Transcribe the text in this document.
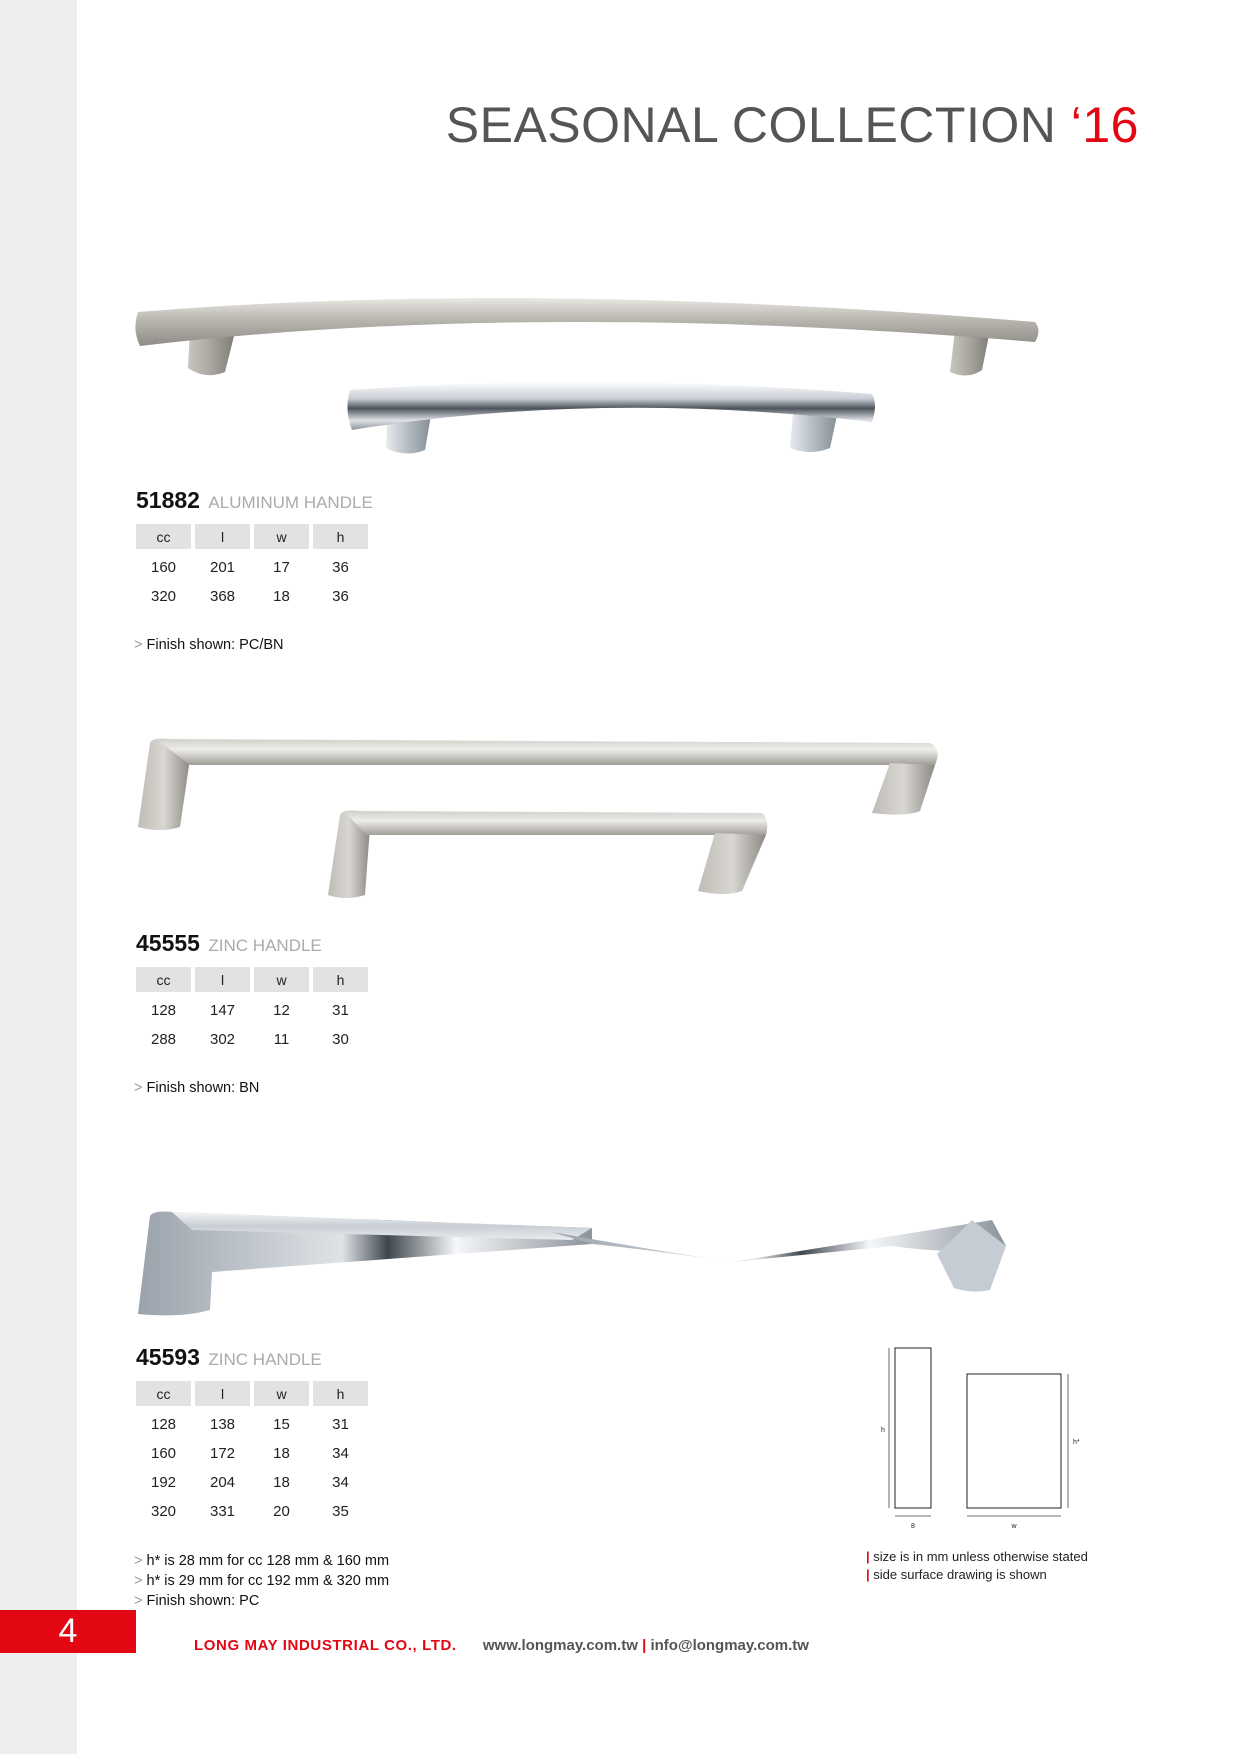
SEASONAL COLLECTION ‘16
51882 ALUMINUM HANDLE
cc	l	w	h
160	201	17	36
320	368	18	36
> Finish shown: PC/BN
45555 ZINC HANDLE
cc	l	w	h
128	147	12	31
288	302	11	30
> Finish shown: BN
45593 ZINC HANDLE
cc	l	w	h
128	138	15	31
160	172	18	34
192	204	18	34
320	331	20	35
> h* is 28 mm for cc 128 mm & 160 mm
> h* is 29 mm for cc 192 mm & 320 mm
> Finish shown: PC
h
8
h*
w
| size is in mm unless otherwise stated
| side surface drawing is shown
4	LONG MAY INDUSTRIAL CO., LTD. www.longmay.com.tw | info@longmay.com.tw
